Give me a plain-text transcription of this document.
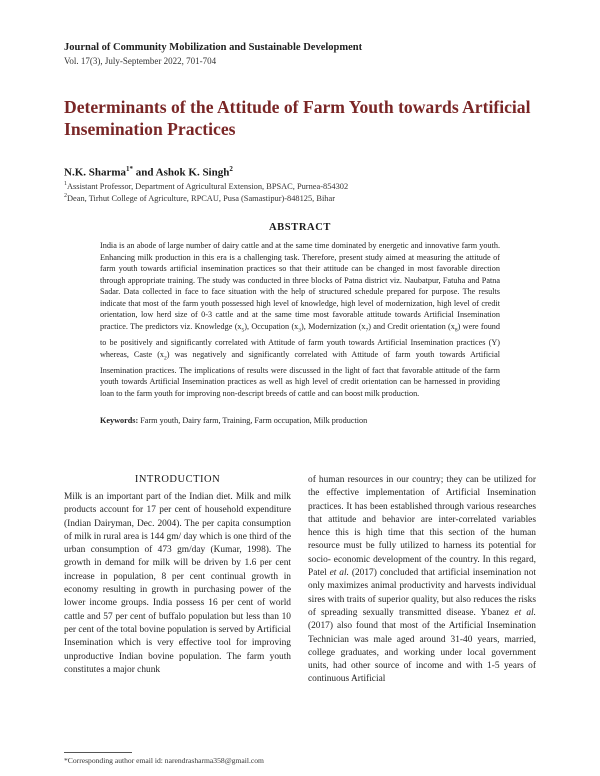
Journal of Community Mobilization and Sustainable Development
Vol. 17(3), July-September 2022, 701-704
Determinants of the Attitude of Farm Youth towards Artificial Insemination Practices
N.K. Sharma$^{1*}$ and Ashok K. Singh$^2$
$^1$Assistant Professor, Department of Agricultural Extension, BPSAC, Purnea-854302
$^2$Dean, Tirhut College of Agriculture, RPCAU, Pusa (Samastipur)-848125, Bihar
ABSTRACT
India is an abode of large number of dairy cattle and at the same time dominated by energetic and innovative farm youth. Enhancing milk production in this era is a challenging task. Therefore, present study aimed at measuring the attitude of farm youth towards artificial insemination practices so that their attitude can be changed in most favorable direction through appropriate training. The study was conducted in three blocks of Patna district viz. Naubatpur, Fatuha and Patna Sadar. Data collected in face to face situation with the help of structured schedule prepared for purpose. The results indicate that most of the farm youth possessed high level of knowledge, high level of modernization, high level of credit orientation, low herd size of 0-3 cattle and at the same time most favorable attitude towards Artificial Insemination practice. The predictors viz. Knowledge $(x_5)$, Occupation $(x_3)$, Modernization $(x_7)$ and Credit orientation $(x_8)$ were found to be positively and significantly correlated with Attitude of farm youth towards Artificial Insemination practices (Y) whereas, Caste $(x_2)$ was negatively and significantly correlated with Attitude of farm youth towards Artificial Insemination practices. The implications of results were discussed in the light of fact that favorable attitude of the farm youth towards Artificial Insemination practices as well as high level of credit orientation can be harnessed in providing loan to the farm youth for improving non-descript breeds of cattle and can boost milk production.
Keywords: Farm youth, Dairy farm, Training, Farm occupation, Milk production
INTRODUCTION

Milk is an important part of the Indian diet. Milk and milk products account for 17 per cent of household expenditure (Indian Dairyman, Dec. 2004). The per capita consumption of milk in rural area is 144 gm/ day which is one third of the urban consumption of 473 gm/day (Kumar, 1998). The growth in demand for milk will be driven by 1.6 per cent increase in population, 8 per cent continual growth in economy resulting in growth in purchasing power of the lower income groups. India possess 16 per cent of world cattle and 57 per cent of buffalo population but less than 10 per cent of the total bovine population is served by Artificial Insemination which is very effective tool for improving unproductive Indian bovine population. The farm youth constitutes a major chunk

of human resources in our country; they can be utilized for the effective implementation of Artificial Insemination practices. It has been established through various researches that attitude and behavior are inter-correlated variables hence this is high time that this section of the human resource must be fully utilized to harness its potential for socio- economic development of the country. In this regard, Patel et al. (2017) concluded that artificial insemination not only maximizes animal productivity and harvests individual sires with traits of superior quality, but also reduces the risks of spreading sexually transmitted disease. Ybanez et al. (2017) also found that most of the Artificial Insemination Technician was male aged around 31-40 years, married, college graduates, and working under local government units, had other source of income and with 1-5 years of continuous Artificial

*Corresponding author email id: narendrasharma358@gmail.com
